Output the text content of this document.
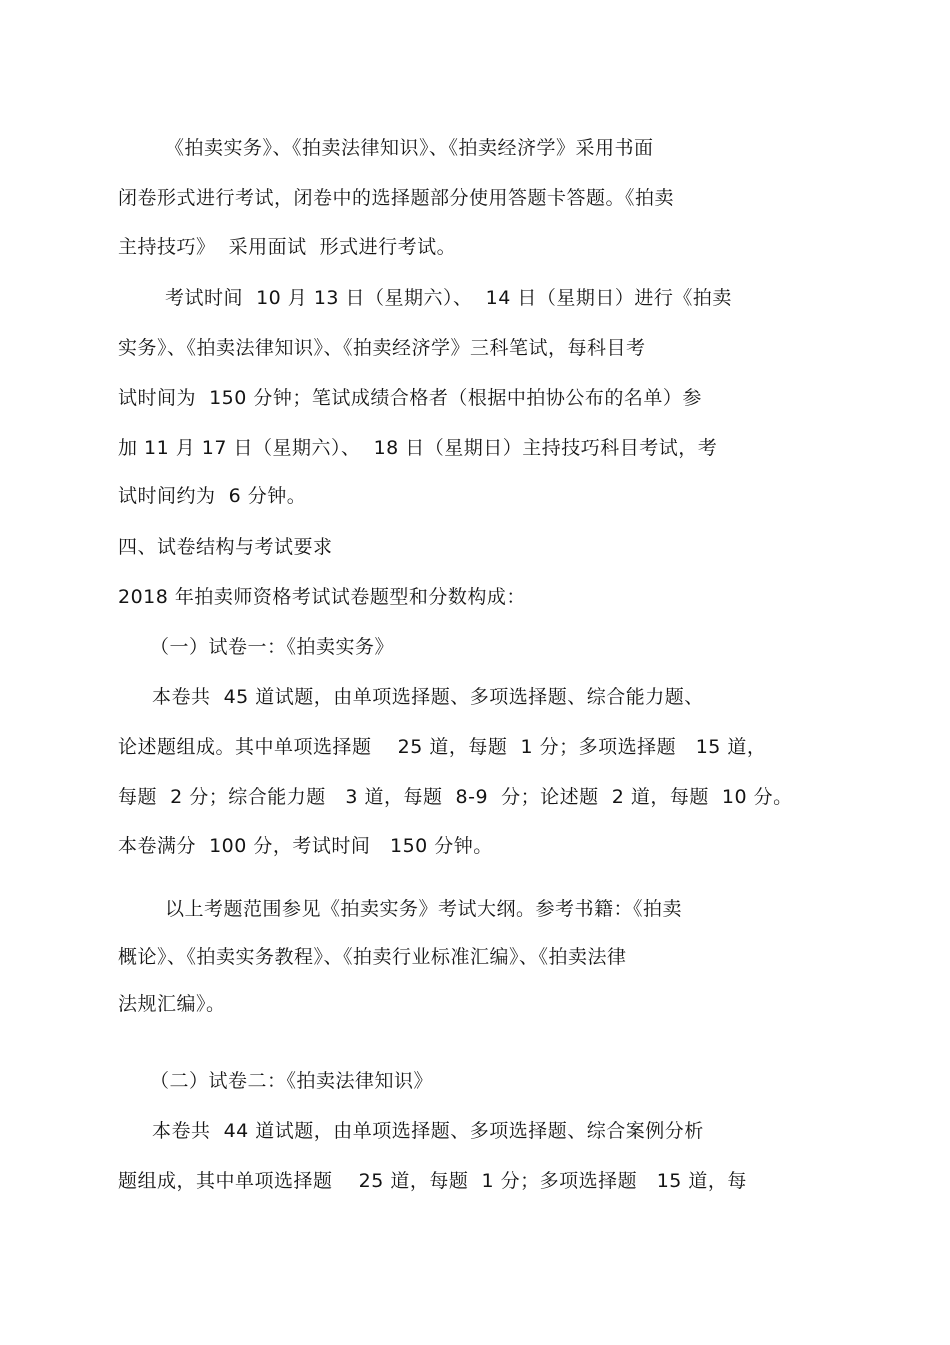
《拍卖实务》、《拍卖法律知识》、《拍卖经济学》采用书面
闭卷形式进行考试，闭卷中的选择题部分使用答题卡答题。《拍卖
主持技巧》  采用面试  形式进行考试。
考试时间  10 月 13 日（星期六）、  14 日（星期日）进行《拍卖
实务》、《拍卖法律知识》、《拍卖经济学》三科笔试，每科目考
试时间为  150 分钟；笔试成绩合格者（根据中拍协公布的名单）参
加 11 月 17 日（星期六）、  18 日（星期日）主持技巧科目考试，考
试时间约为  6 分钟。
四、试卷结构与考试要求
2018 年拍卖师资格考试试卷题型和分数构成：
（一）试卷一：《拍卖实务》
本卷共  45 道试题，由单项选择题、多项选择题、综合能力题、
论述题组成。其中单项选择题    25 道，每题  1 分；多项选择题   15 道，
每题  2 分；综合能力题   3 道，每题  8-9  分；论述题  2 道，每题  10 分。
本卷满分  100 分，考试时间   150 分钟。
以上考题范围参见《拍卖实务》考试大纲。参考书籍：《拍卖
概论》、《拍卖实务教程》、《拍卖行业标准汇编》、《拍卖法律
法规汇编》。
（二）试卷二：《拍卖法律知识》
本卷共  44 道试题，由单项选择题、多项选择题、综合案例分析
题组成，其中单项选择题    25 道，每题  1 分；多项选择题   15 道，每
